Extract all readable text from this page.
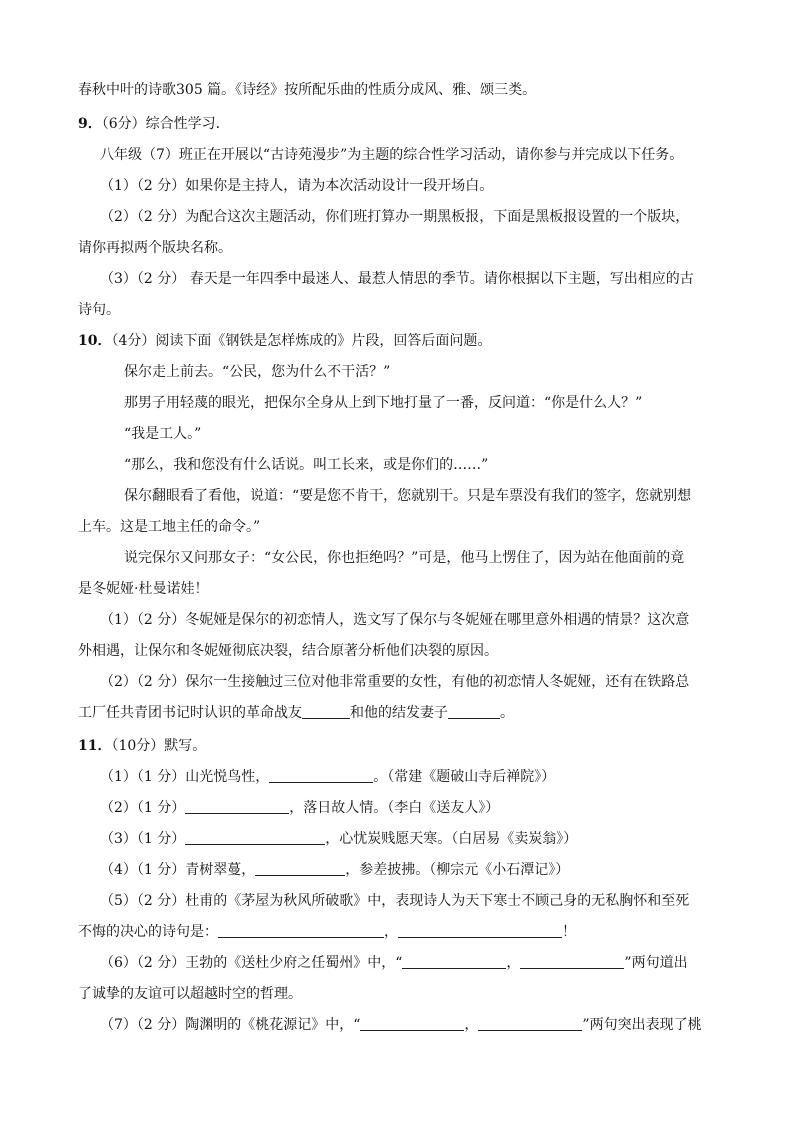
春秋中叶的诗歌305 篇。《诗经》按所配乐曲的性质分成风、雅、颂三类。
9．（6分）综合性学习.
八年级（7）班正在开展以“古诗苑漫步”为主题的综合性学习活动，请你参与并完成以下任务。
（1）（2 分）如果你是主持人，请为本次活动设计一段开场白。
（2）（2 分）为配合这次主题活动，你们班打算办一期黑板报，下面是黑板报设置的一个版块，
请你再拟两个版块名称。
（3）（2 分） 春天是一年四季中最迷人、最惹人情思的季节。请你根据以下主题，写出相应的古
诗句。
10．（4分）阅读下面《钢铁是怎样炼成的》片段，回答后面问题。
保尔走上前去。“公民，您为什么不干活？”
那男子用轻蔑的眼光，把保尔全身从上到下地打量了一番，反问道：“你是什么人？”
“我是工人。”
“那么，我和您没有什么话说。叫工长来，或是你们的……”
保尔翻眼看了看他，说道：“要是您不肯干，您就别干。只是车票没有我们的签字，您就别想
上车。这是工地主任的命令。”
说完保尔又问那女子：“女公民，你也拒绝吗？”可是，他马上愣住了，因为站在他面前的竟
是冬妮娅·杜曼诺娃！
（1）（2 分）冬妮娅是保尔的初恋情人，选文写了保尔与冬妮娅在哪里意外相遇的情景？这次意
外相遇，让保尔和冬妮娅彻底决裂，结合原著分析他们决裂的原因。
（2）（2 分）保尔一生接触过三位对他非常重要的女性，有他的初恋情人冬妮娅，还有在铁路总
工厂任共青团书记时认识的革命战友	和他的结发妻子	。
11．（10分）默写。
（1）（1 分）山光悦鸟性，	。（常建《题破山寺后禅院》）
（2）（1 分）	，落日故人情。（李白《送友人》）
（3）（1 分）	，心忧炭贱愿天寒。（白居易《卖炭翁》）
（4）（1 分）青树翠蔓，	，参差披拂。（柳宗元《小石潭记》）
（5）（2 分）杜甫的《茅屋为秋风所破歌》中，表现诗人为天下寒士不顾己身的无私胸怀和至死
不悔的决心的诗句是：	，	！
（6）（2 分）王勃的《送杜少府之任蜀州》中，“	，	”两句道出
了诚挚的友谊可以超越时空的哲理。
（7）（2 分）陶渊明的《桃花源记》中，“	，	”两句突出表现了桃
